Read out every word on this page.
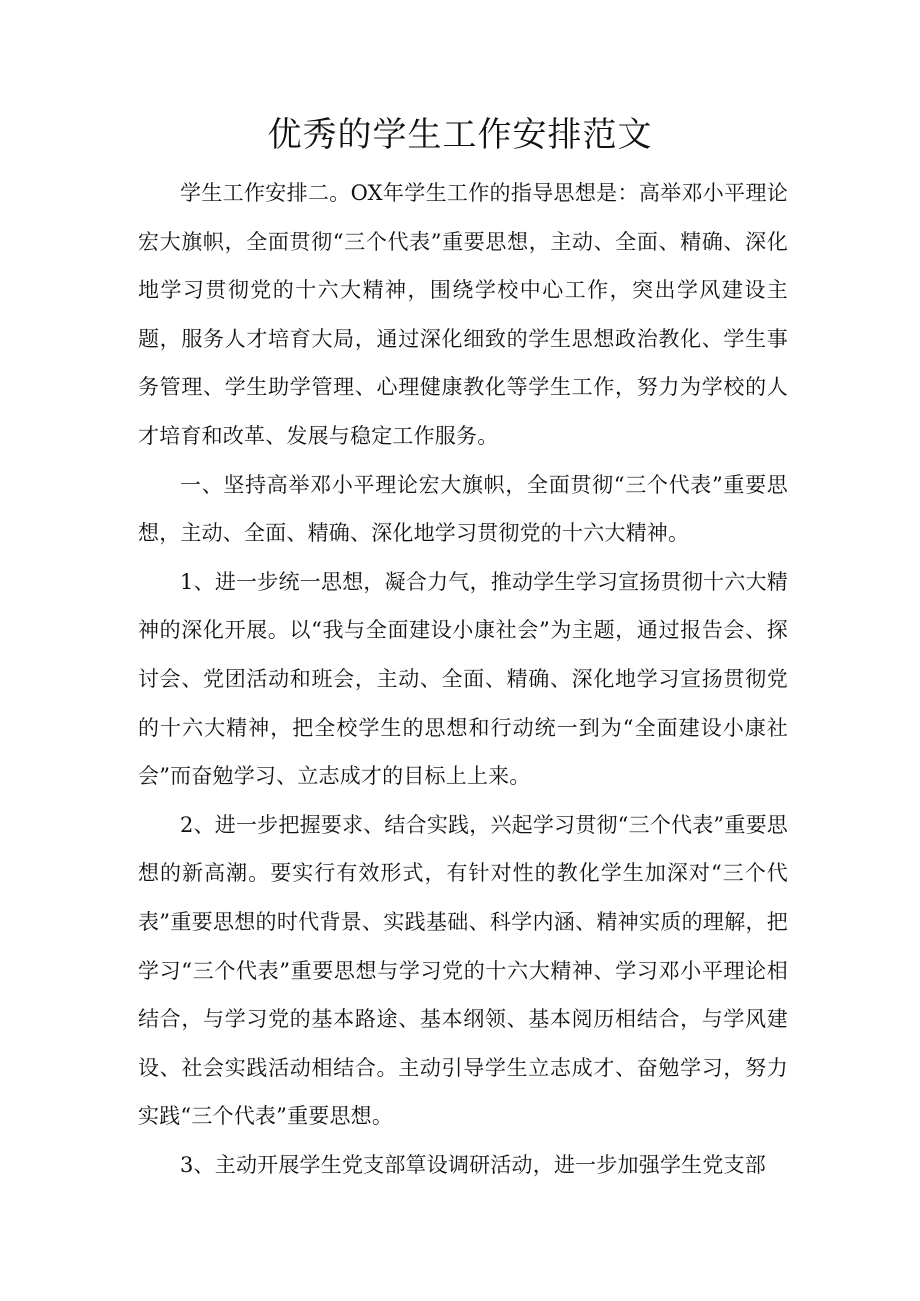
优秀的学生工作安排范文

学生工作安排二。OX年学生工作的指导思想是：高举邓小平理论宏大旗帜，全面贯彻“三个代表”重要思想，主动、全面、精确、深化地学习贯彻党的十六大精神，围绕学校中心工作，突出学风建设主题，服务人才培育大局，通过深化细致的学生思想政治教化、学生事务管理、学生助学管理、心理健康教化等学生工作，努力为学校的人才培育和改革、发展与稳定工作服务。

一、坚持高举邓小平理论宏大旗帜，全面贯彻“三个代表”重要思想，主动、全面、精确、深化地学习贯彻党的十六大精神。

1、进一步统一思想，凝合力气，推动学生学习宣扬贯彻十六大精神的深化开展。以“我与全面建设小康社会”为主题，通过报告会、探讨会、党团活动和班会，主动、全面、精确、深化地学习宣扬贯彻党的十六大精神，把全校学生的思想和行动统一到为“全面建设小康社会”而奋勉学习、立志成才的目标上上来。

2、进一步把握要求、结合实践，兴起学习贯彻“三个代表”重要思想的新高潮。要实行有效形式，有针对性的教化学生加深对“三个代表”重要思想的时代背景、实践基础、科学内涵、精神实质的理解，把学习“三个代表”重要思想与学习党的十六大精神、学习邓小平理论相结合，与学习党的基本路途、基本纲领、基本阅历相结合，与学风建设、社会实践活动相结合。主动引导学生立志成才、奋勉学习，努力实践“三个代表”重要思想。

3、主动开展学生党支部筸设调研活动，进一步加强学生党支部
